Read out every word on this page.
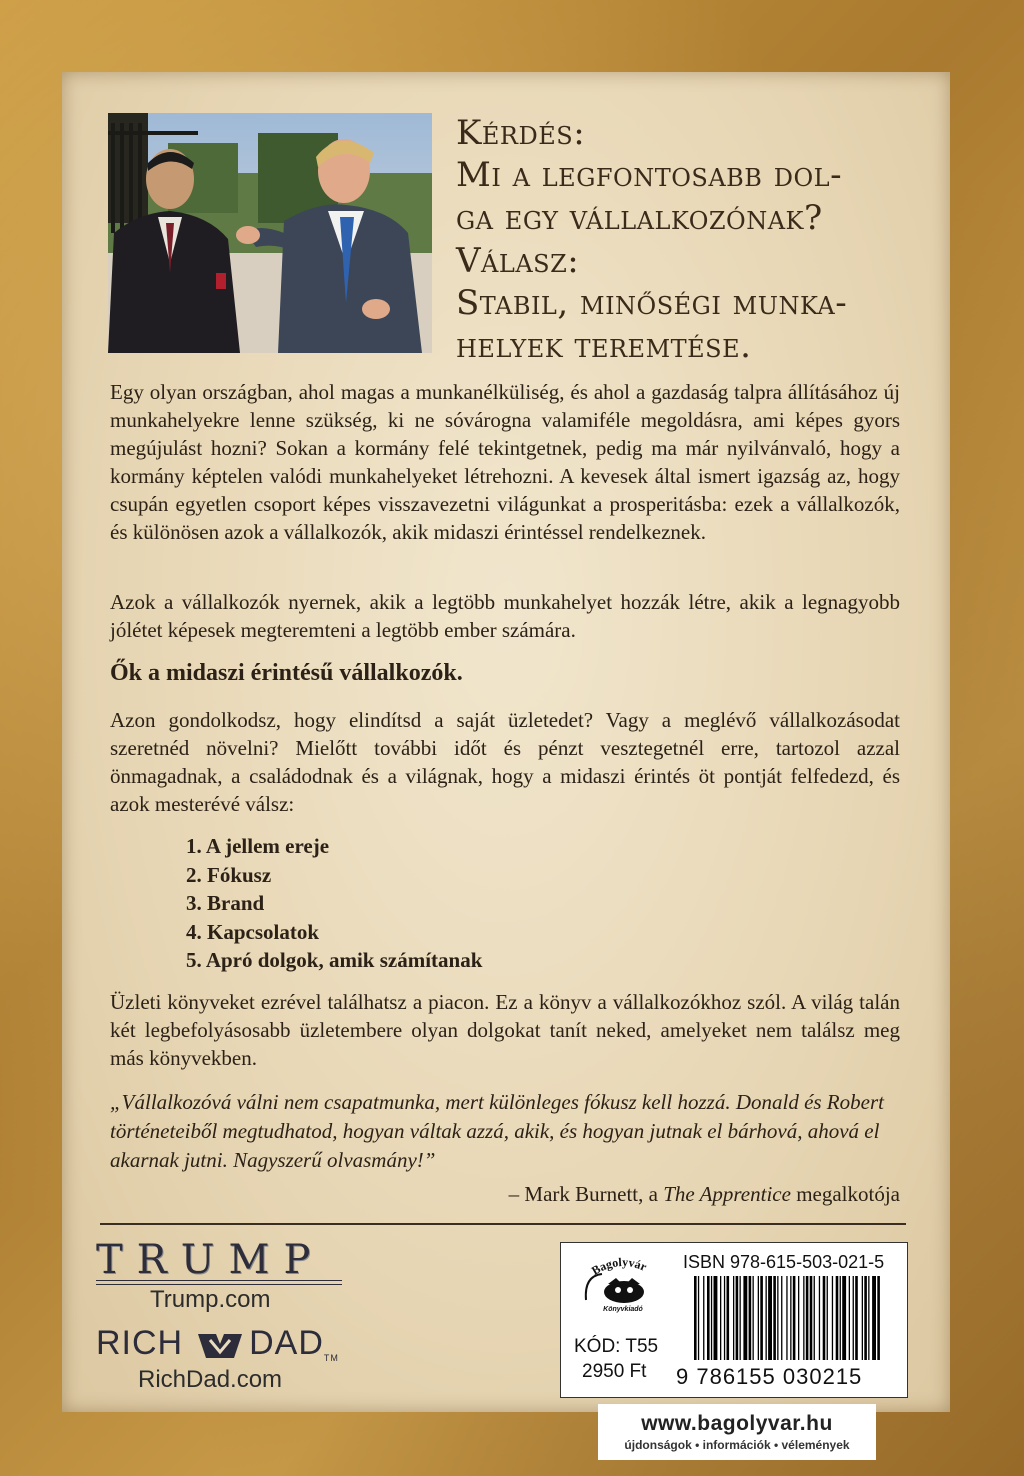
Kérdés:

Mi a legfontosabb dol-

ga egy vállalkozónak?

Válasz:

Stabil, minőségi munka-

helyek teremtése.

Egy olyan országban, ahol magas a munkanélküliség, és ahol a gazdaság talpra állításához új munkahelyekre lenne szükség, ki ne sóvárogna valamiféle megoldásra, ami képes gyors megújulást hozni? Sokan a kormány felé tekintgetnek, pedig ma már nyilvánvaló, hogy a kormány képtelen valódi munkahelyeket létrehozni. A kevesek által ismert igazság az, hogy csupán egyetlen csoport képes visszavezetni világunkat a prosperitásba: ezek a vállalkozók, és különösen azok a vállalkozók, akik midaszi érintéssel rendelkeznek.
Azok a vállalkozók nyernek, akik a legtöbb munkahelyet hozzák létre, akik a legnagyobb jólétet képesek megteremteni a legtöbb ember számára.
Ők a midaszi érintésű vállalkozók.
Azon gondolkodsz, hogy elindítsd a saját üzletedet? Vagy a meglévő vállalkozásodat szeretnéd növelni? Mielőtt további időt és pénzt vesztegetnél erre, tartozol azzal önmagadnak, a családodnak és a világnak, hogy a midaszi érintés öt pontját felfedezd, és azok mesterévé válsz:
1. A jellem ereje
2. Fókusz
3. Brand
4. Kapcsolatok
5. Apró dolgok, amik számítanak
Üzleti könyveket ezrével találhatsz a piacon. Ez a könyv a vállalkozókhoz szól. A világ talán két legbefolyásosabb üzletembere olyan dolgokat tanít neked, amelyeket nem találsz meg más könyvekben.
„Vállalkozóvá válni nem csapatmunka, mert különleges fókusz kell hozzá. Donald és Robert történeteiből megtudhatod, hogyan váltak azzá, akik, és hogyan jutnak el bárhová, ahová el akarnak jutni. Nagyszerű olvasmány!”
– Mark Burnett, a The Apprentice megalkotója
TRUMP
Trump.com
RICH DADTM
RichDad.com
Bagolyvár
Könyvkiadó
KÓD: T55
2950 Ft
ISBN 978-615-503-021-5
9 786155 030215
www.bagolyvar.hu
újdonságok • információk • vélemények
